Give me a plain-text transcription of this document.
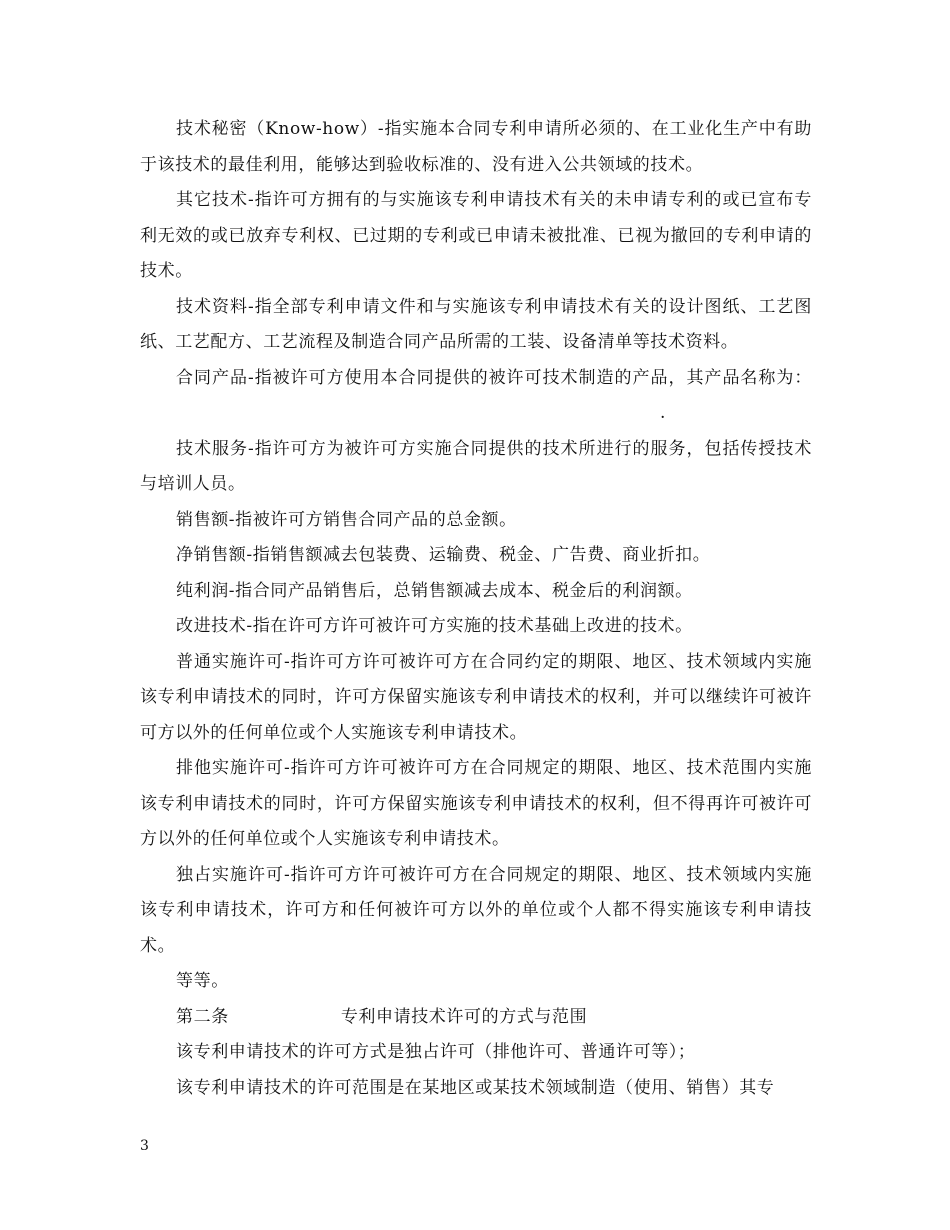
技术秘密（Know-how）-指实施本合同专利申请所必须的、在工业化生产中有助于该技术的最佳利用，能够达到验收标准的、没有进入公共领域的技术。

其它技术-指许可方拥有的与实施该专利申请技术有关的未申请专利的或已宣布专利无效的或已放弃专利权、已过期的专利或已申请未被批准、已视为撤回的专利申请的技术。

技术资料-指全部专利申请文件和与实施该专利申请技术有关的设计图纸、工艺图纸、工艺配方、工艺流程及制造合同产品所需的工装、设备清单等技术资料。

合同产品-指被许可方使用本合同提供的被许可技术制造的产品，其产品名称为：.

技术服务-指许可方为被许可方实施合同提供的技术所进行的服务，包括传授技术与培训人员。

销售额-指被许可方销售合同产品的总金额。

净销售额-指销售额减去包装费、运输费、税金、广告费、商业折扣。

纯利润-指合同产品销售后，总销售额减去成本、税金后的利润额。

改进技术-指在许可方许可被许可方实施的技术基础上改进的技术。

普通实施许可-指许可方许可被许可方在合同约定的期限、地区、技术领域内实施该专利申请技术的同时，许可方保留实施该专利申请技术的权利，并可以继续许可被许可方以外的任何单位或个人实施该专利申请技术。

排他实施许可-指许可方许可被许可方在合同规定的期限、地区、技术范围内实施该专利申请技术的同时，许可方保留实施该专利申请技术的权利，但不得再许可被许可方以外的任何单位或个人实施该专利申请技术。

独占实施许可-指许可方许可被许可方在合同规定的期限、地区、技术领域内实施该专利申请技术，许可方和任何被许可方以外的单位或个人都不得实施该专利申请技术。

等等。

第二条	专利申请技术许可的方式与范围

该专利申请技术的许可方式是独占许可（排他许可、普通许可等）；

该专利申请技术的许可范围是在某地区或某技术领域制造（使用、销售）其专

3
